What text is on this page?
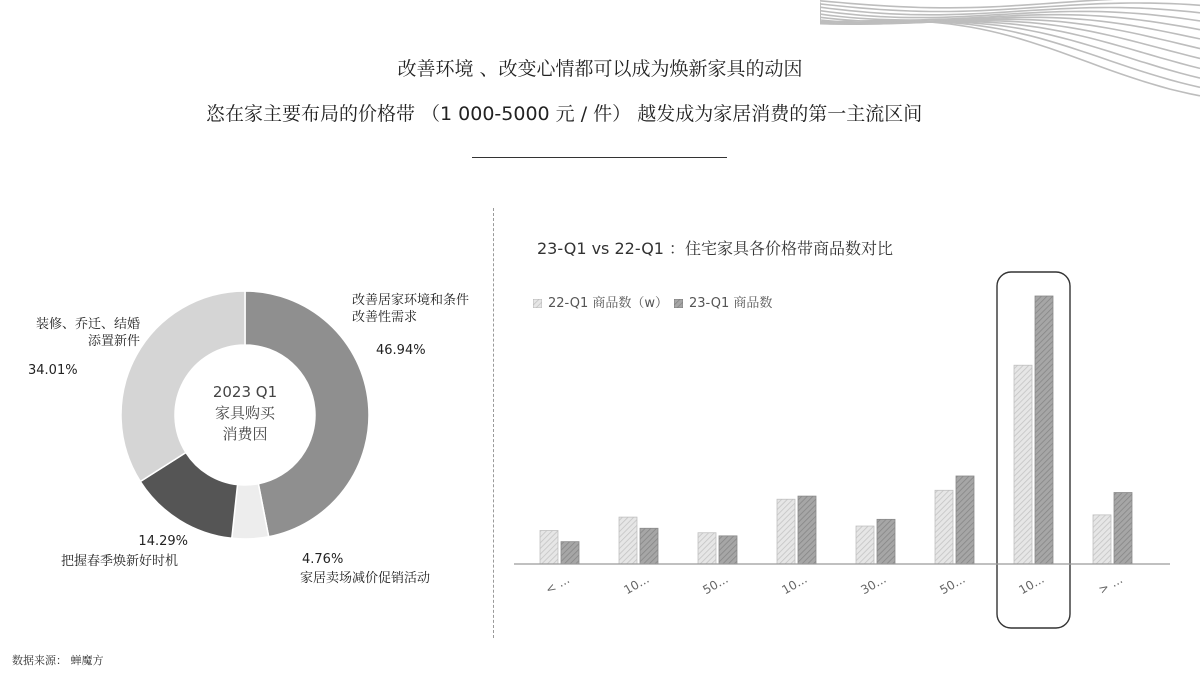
改善环境 、改变心情都可以成为焕新家具的动因
恣在家主要布局的价格带 （1 000-5000 元 / 件） 越发成为家居消费的第一主流区间
2023 Q1
家具购买
消费因
改善居家环境和条件
改善性需求
46.94%
家居卖场减价促销活动
4.76%
把握春季焕新好时机
14.29%
装修、乔迁、结婚
添置新件
34.01%
23-Q1 vs 22-Q1 ：住宅家具各价格带商品数对比
22-Q1 商品数（w） 23-Q1 商品数
< ...	10...	50...	10...	30...	50...	10...	> ...
数据来源： 蝉魔方
